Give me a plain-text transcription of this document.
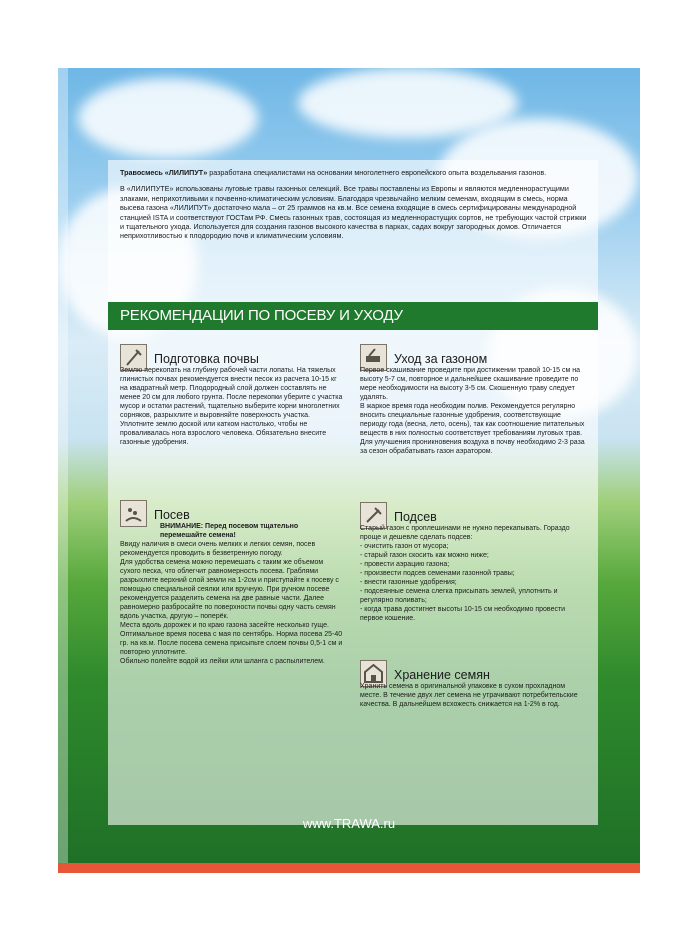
Травосмесь «ЛИЛИПУТ» разработана специалистами на основании многолетнего европейского опыта воздельвания газонов.

В «ЛИЛИПУТЕ» использованы луговые травы газонных селекций. Все травы поставлены из Европы и являются медленнорастущими злаками, неприхотливыми к почвенно-климатическим условиям. Благодаря чрезвычайно мелким семенам, входящим в смесь, норма высева газона «ЛИЛИПУТ» достаточно мала – от 25 граммов на кв.м. Все семена входящие в смесь сертифицированы международной станцией ISTA и соответствуют ГОСТам РФ. Смесь газонных трав, состоящая из медленнорастущих сортов, не требующих частой стрижки и тщательного ухода. Используется для создания газонов высокого качества в парках, садах вокруг загородных домов. Отличается неприхотливостью к плодородию почв и климатическим условиям.

РЕКОМЕНДАЦИИ ПО ПОСЕВУ И УХОДУ
Подготовка почвы

Землю перекопать на глубину рабочей части лопаты. На тяжелых глинистых почвах рекомендуется внести песок из расчета 10-15 кг на квадратный метр. Плодородный слой должен составлять не менее 20 см для любого грунта. После перекопки уберите с участка мусор и остатки растений, тщательно выберите корни многолетних сорняков, разрыхлите и выровняйте поверхность участка.

Уплотните землю доской или катком настолько, чтобы не проваливалась нога взрослого человека. Обязательно внесите газонные удобрения.

Уход за газоном

Первое скашивание проведите при достижении травой 10-15 см на высоту 5-7 см, повторное и дальнейшее скашивание проведите по мере необходимости на высоту 3-5 см. Скошенную траву следует удалять.

В жаркое время года необходим полив. Рекомендуется регулярно вносить специальные газонные удобрения, соответствующие периоду года (весна, лето, осень), так как соотношение питательных веществ в них полностью соответствует требованиям луговых трав.

Для улучшения проникновения воздуха в почву необходимо 2-3 раза за сезон обрабатывать газон аэратором.

Посев

ВНИМАНИЕ: Перед посевом тщательно перемешайте семена!

Ввиду наличия в смеси очень мелких и легких семян, посев рекомендуется проводить в безветренную погоду.

Для удобства семена можно перемешать с таким же объемом сухого песка, что облегчит равномерность посева. Граблями разрыхлите верхний слой земли на 1-2см и приступайте к посеву с помощью специальной сеялки или вручную. При ручном посеве рекомендуется разделить семена на две равные части. Далее равномерно разбросайте по поверхности почвы одну часть семян вдоль участка, другую – поперёк.

Места вдоль дорожек и по краю газона засейте несколько гуще. Оптимальное время посева с мая по сентябрь. Норма посева 25-40 гр. на кв.м. После посева семена присыпьте слоем почвы 0,5-1 см и повторно уплотните.

Обильно полейте водой из лейки или шланга с распылителем.

Подсев

Старый газон с проплешинами не нужно перекапывать. Гораздо проще и дешевле сделать подсев:

- очистить газон от мусора;

- старый газон скосить как можно ниже;

- провести аэрацию газона;

- произвести подсев семенами газонной травы;

- внести газонные удобрения;

- подсеянные семена слегка присыпать землей, уплотнить и регулярно поливать;

- когда трава достигнет высоты 10-15 см необходимо провести первое кошение.

Хранение семян

Хранить семена в оригинальной упаковке в сухом прохладном месте. В течение двух лет семена не утрачивают потребительские качества. В дальнейшем всхожесть снижается на 1-2% в год.

www.TRAWA.ru
